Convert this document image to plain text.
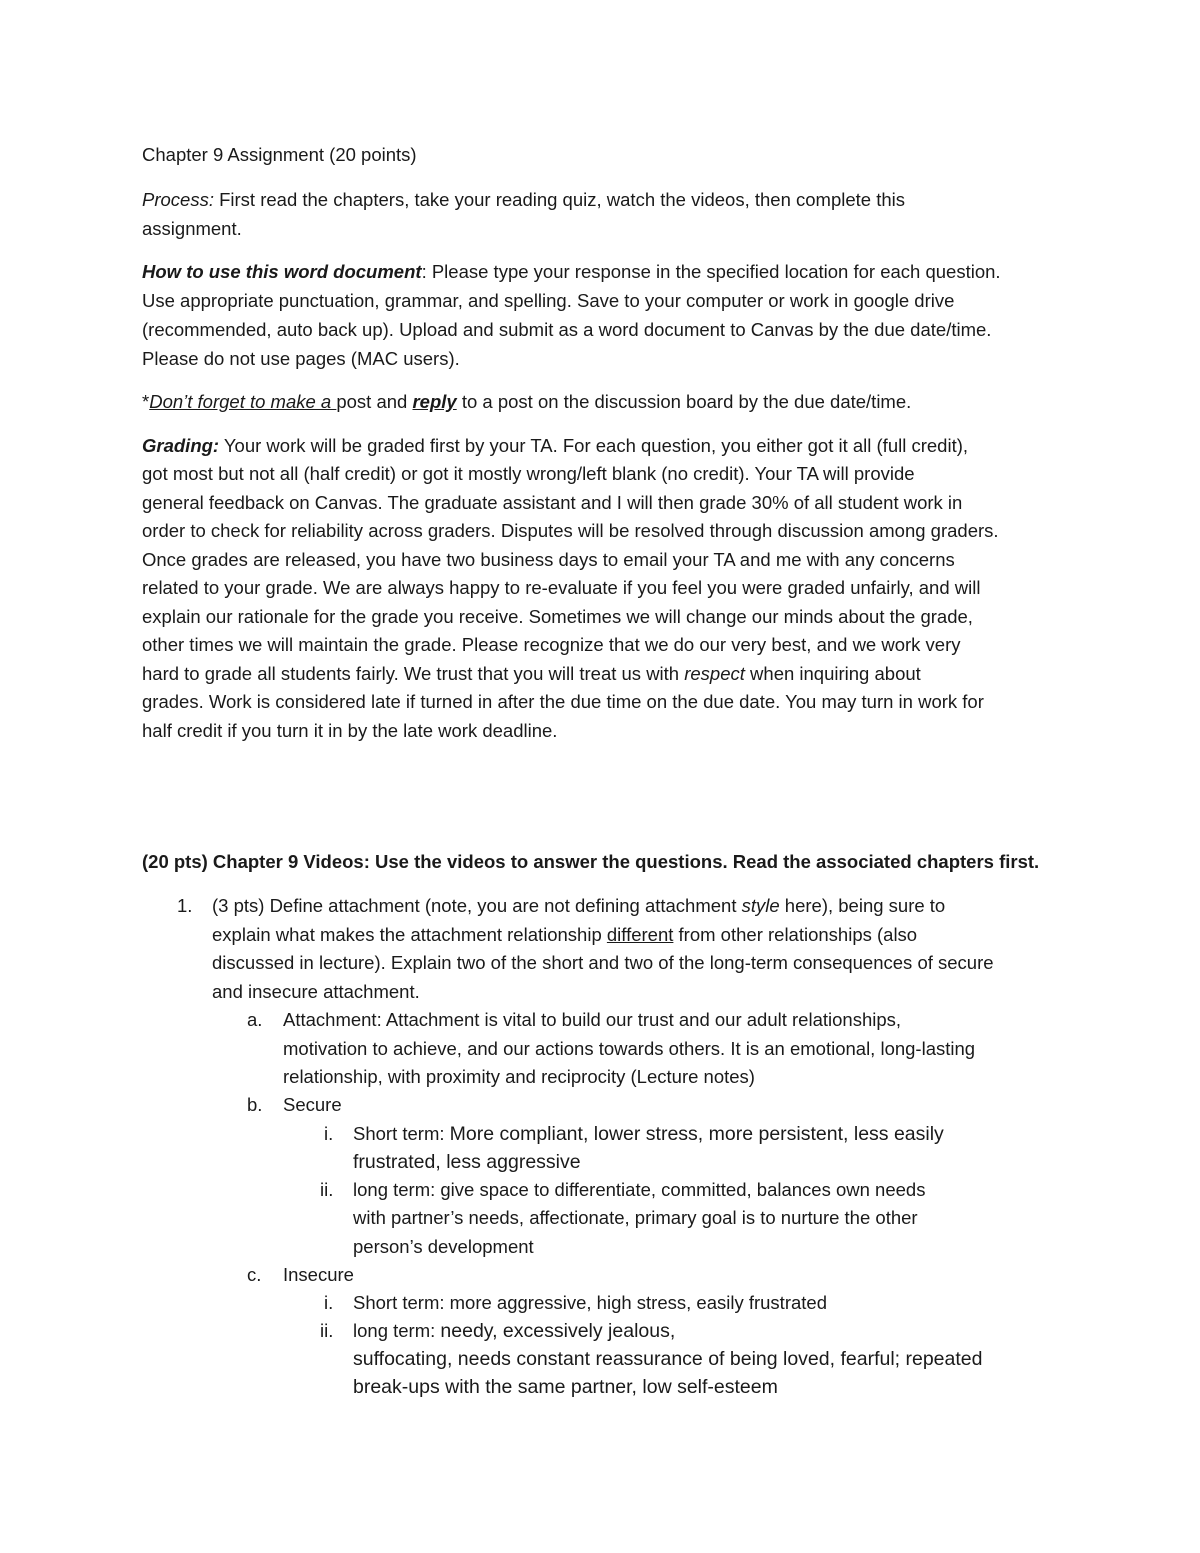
Chapter 9 Assignment (20 points)
Process: First read the chapters, take your reading quiz, watch the videos, then complete this
assignment.
How to use this word document: Please type your response in the specified location for each question.
Use appropriate punctuation, grammar, and spelling. Save to your computer or work in google drive
(recommended, auto back up). Upload and submit as a word document to Canvas by the due date/time.
Please do not use pages (MAC users).
*Don’t forget to make a post and reply to a post on the discussion board by the due date/time.
Grading: Your work will be graded first by your TA. For each question, you either got it all (full credit),
got most but not all (half credit) or got it mostly wrong/left blank (no credit). Your TA will provide
general feedback on Canvas. The graduate assistant and I will then grade 30% of all student work in
order to check for reliability across graders. Disputes will be resolved through discussion among graders.
Once grades are released, you have two business days to email your TA and me with any concerns
related to your grade. We are always happy to re-evaluate if you feel you were graded unfairly, and will
explain our rationale for the grade you receive. Sometimes we will change our minds about the grade,
other times we will maintain the grade. Please recognize that we do our very best, and we work very
hard to grade all students fairly. We trust that you will treat us with respect when inquiring about
grades. Work is considered late if turned in after the due time on the due date. You may turn in work for
half credit if you turn it in by the late work deadline.
(20 pts) Chapter 9 Videos: Use the videos to answer the questions. Read the associated chapters first.
1. (3 pts) Define attachment (note, you are not defining attachment style here), being sure to
explain what makes the attachment relationship different from other relationships (also
discussed in lecture). Explain two of the short and two of the long-term consequences of secure
and insecure attachment.
a. Attachment: Attachment is vital to build our trust and our adult relationships,
motivation to achieve, and our actions towards others. It is an emotional, long-lasting
relationship, with proximity and reciprocity (Lecture notes)
b. Secure
i. Short term: More compliant, lower stress, more persistent, less easily
frustrated, less aggressive
ii. long term: give space to differentiate, committed, balances own needs
with partner’s needs, affectionate, primary goal is to nurture the other
person’s development
c. Insecure
i. Short term: more aggressive, high stress, easily frustrated
ii. long term: needy, excessively jealous,
suffocating, needs constant reassurance of being loved, fearful; repeated
break-ups with the same partner, low self-esteem
